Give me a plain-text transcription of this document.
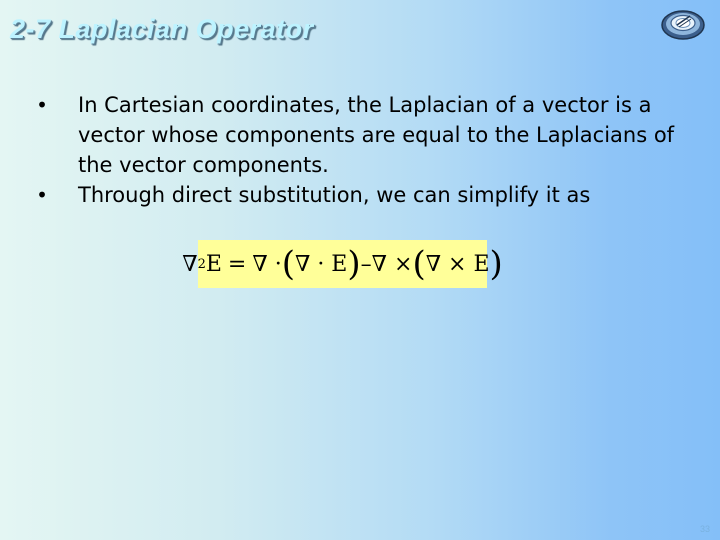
2-7 Laplacian Operator
• In Cartesian coordinates, the Laplacian of a vector is a vector whose components are equal to the Laplacians of the vector components.
• Through direct substitution, we can simplify it as
∇ 2 E = ∇ · ( ∇ · E ) – ∇ × ( ∇ × E )
33
